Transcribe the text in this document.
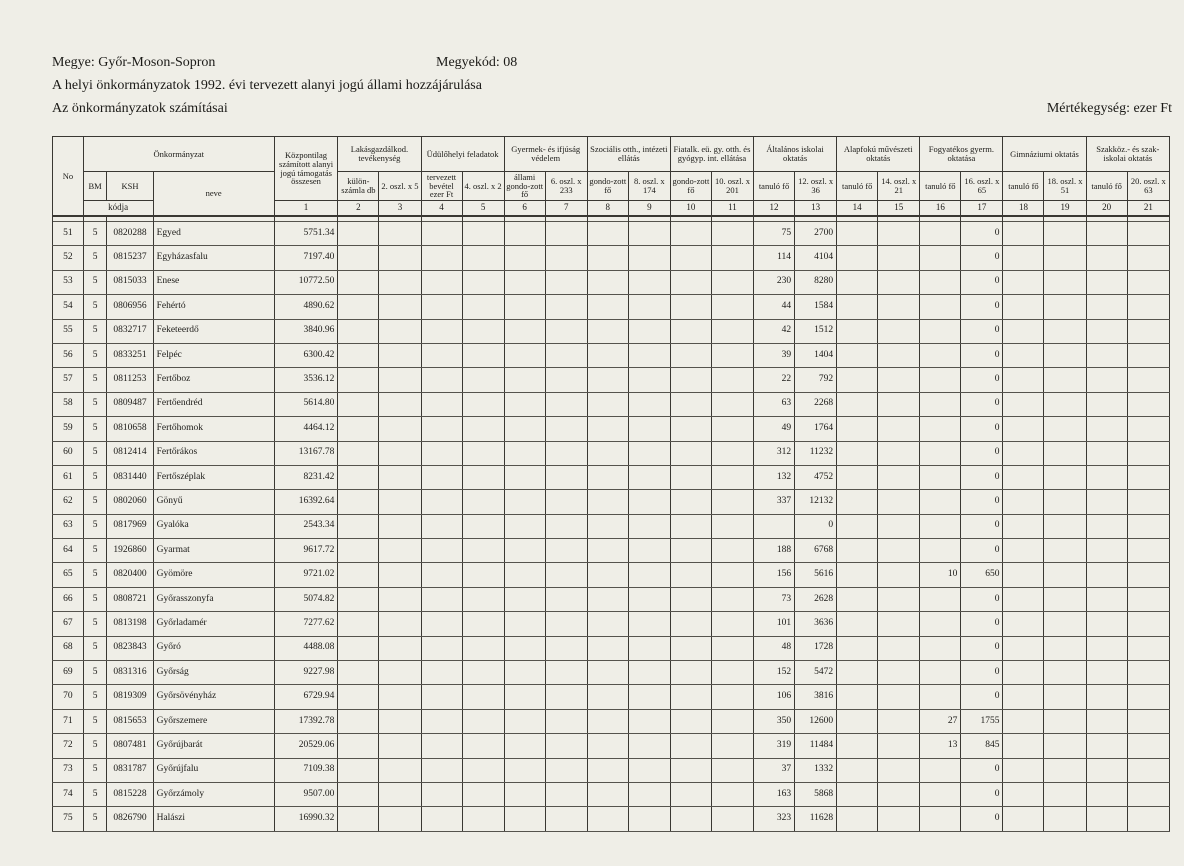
Megye: Győr-Moson-Sopron	Megyekód: 08
A helyi önkormányzatok 1992. évi tervezett alanyi jogú állami hozzájárulása
Az önkormányzatok számításai	Mértékegység: ezer Ft
No	Önkormányzat			Központilag számított alanyi jogú támogatás összesen	Lakásgazdálkod. tevékenység		Üdülőhelyi feladatok		Gyermek- és ifjúság védelem		Szociális otth., intézeti ellátás		Fiatalk. eü. gy. otth. és gyógyp. int. ellátása		Általános iskolai oktatás		Alapfokú művészeti oktatás		Fogyatékos gyerm. oktatása		Gimnáziumi oktatás		Szakköz.- és szak-iskolai oktatás	
	BM	KSH	neve		külön-számla db	2. oszl. x 5	tervezett bevétel ezer Ft	4. oszl. x 2	állami gondo-zott fő	6. oszl. x 233	gondo-zott fő	8. oszl. x 174	gondo-zott fő	10. oszl. x 201	tanuló fő	12. oszl. x 36	tanuló fő	14. oszl. x 21	tanuló fő	16. oszl. x 65	tanuló fő	18. oszl. x 51	tanuló fő	20. oszl. x 63
	kódja			1	2	3	4	5	6	7	8	9	10	11	12	13	14	15	16	17	18	19	20	21

51	5	0820288	Egyed	5751.34											75	2700				0				
52	5	0815237	Egyházasfalu	7197.40											114	4104				0				
53	5	0815033	Enese	10772.50											230	8280				0				
54	5	0806956	Fehértó	4890.62											44	1584				0				
55	5	0832717	Feketeerdő	3840.96											42	1512				0				
56	5	0833251	Felpéc	6300.42											39	1404				0				
57	5	0811253	Fertőboz	3536.12											22	792				0				
58	5	0809487	Fertőendréd	5614.80											63	2268				0				
59	5	0810658	Fertőhomok	4464.12											49	1764				0				
60	5	0812414	Fertőrákos	13167.78											312	11232				0				
61	5	0831440	Fertőszéplak	8231.42											132	4752				0				
62	5	0802060	Gönyű	16392.64											337	12132				0				
63	5	0817969	Gyalóka	2543.34												0				0				
64	5	1926860	Gyarmat	9617.72											188	6768				0				
65	5	0820400	Gyömöre	9721.02											156	5616			10	650				
66	5	0808721	Győrasszonyfa	5074.82											73	2628				0				
67	5	0813198	Győrladamér	7277.62											101	3636				0				
68	5	0823843	Győró	4488.08											48	1728				0				
69	5	0831316	Győrság	9227.98											152	5472				0				
70	5	0819309	Győrsövényház	6729.94											106	3816				0				
71	5	0815653	Győrszemere	17392.78											350	12600			27	1755				
72	5	0807481	Győrújbarát	20529.06											319	11484			13	845				
73	5	0831787	Győrújfalu	7109.38											37	1332				0				
74	5	0815228	Győrzámoly	9507.00											163	5868				0				
75	5	0826790	Halászi	16990.32											323	11628				0				
